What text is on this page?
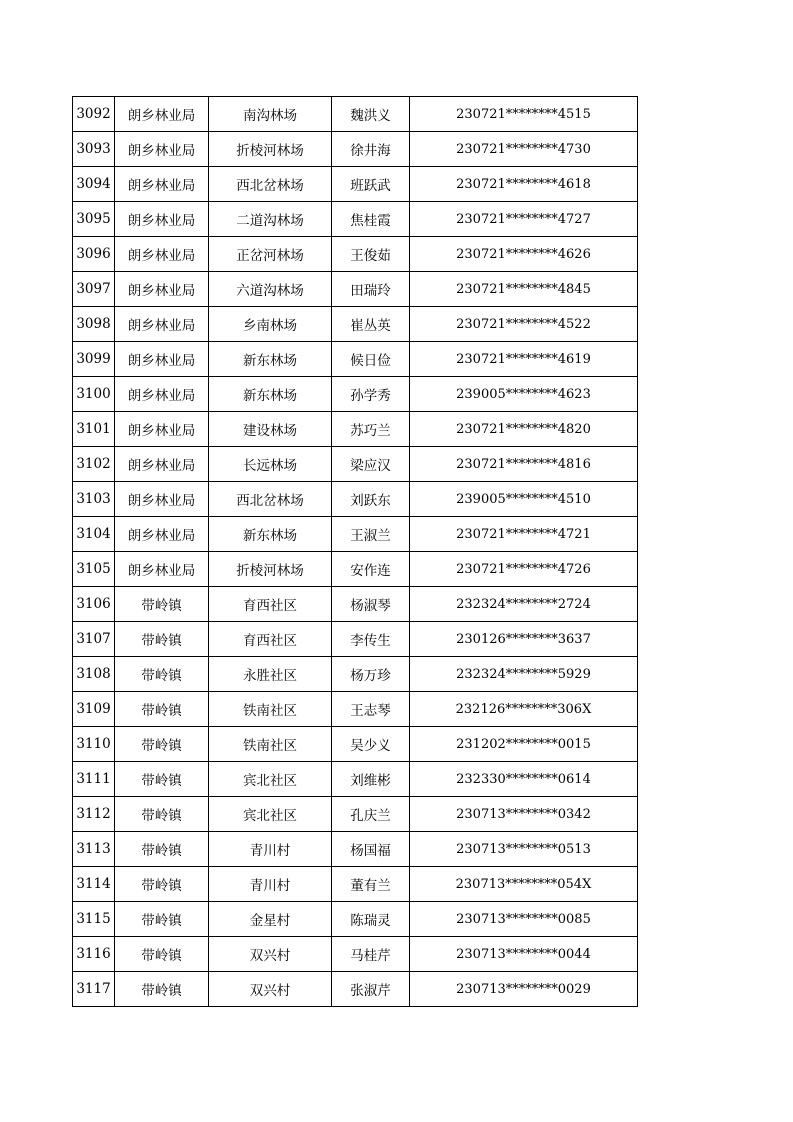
3092	朗乡林业局	南沟林场	魏洪义	230721********4515
3093	朗乡林业局	折棱河林场	徐井海	230721********4730
3094	朗乡林业局	西北岔林场	班跃武	230721********4618
3095	朗乡林业局	二道沟林场	焦桂霞	230721********4727
3096	朗乡林业局	正岔河林场	王俊茹	230721********4626
3097	朗乡林业局	六道沟林场	田瑞玲	230721********4845
3098	朗乡林业局	乡南林场	崔丛英	230721********4522
3099	朗乡林业局	新东林场	候日俭	230721********4619
3100	朗乡林业局	新东林场	孙学秀	239005********4623
3101	朗乡林业局	建设林场	苏巧兰	230721********4820
3102	朗乡林业局	长远林场	梁应汉	230721********4816
3103	朗乡林业局	西北岔林场	刘跃东	239005********4510
3104	朗乡林业局	新东林场	王淑兰	230721********4721
3105	朗乡林业局	折棱河林场	安作连	230721********4726
3106	带岭镇	育西社区	杨淑琴	232324********2724
3107	带岭镇	育西社区	李传生	230126********3637
3108	带岭镇	永胜社区	杨万珍	232324********5929
3109	带岭镇	铁南社区	王志琴	232126********306X
3110	带岭镇	铁南社区	吴少义	231202********0015
3111	带岭镇	宾北社区	刘维彬	232330********0614
3112	带岭镇	宾北社区	孔庆兰	230713********0342
3113	带岭镇	青川村	杨国福	230713********0513
3114	带岭镇	青川村	董有兰	230713********054X
3115	带岭镇	金星村	陈瑞灵	230713********0085
3116	带岭镇	双兴村	马桂芹	230713********0044
3117	带岭镇	双兴村	张淑芹	230713********0029
